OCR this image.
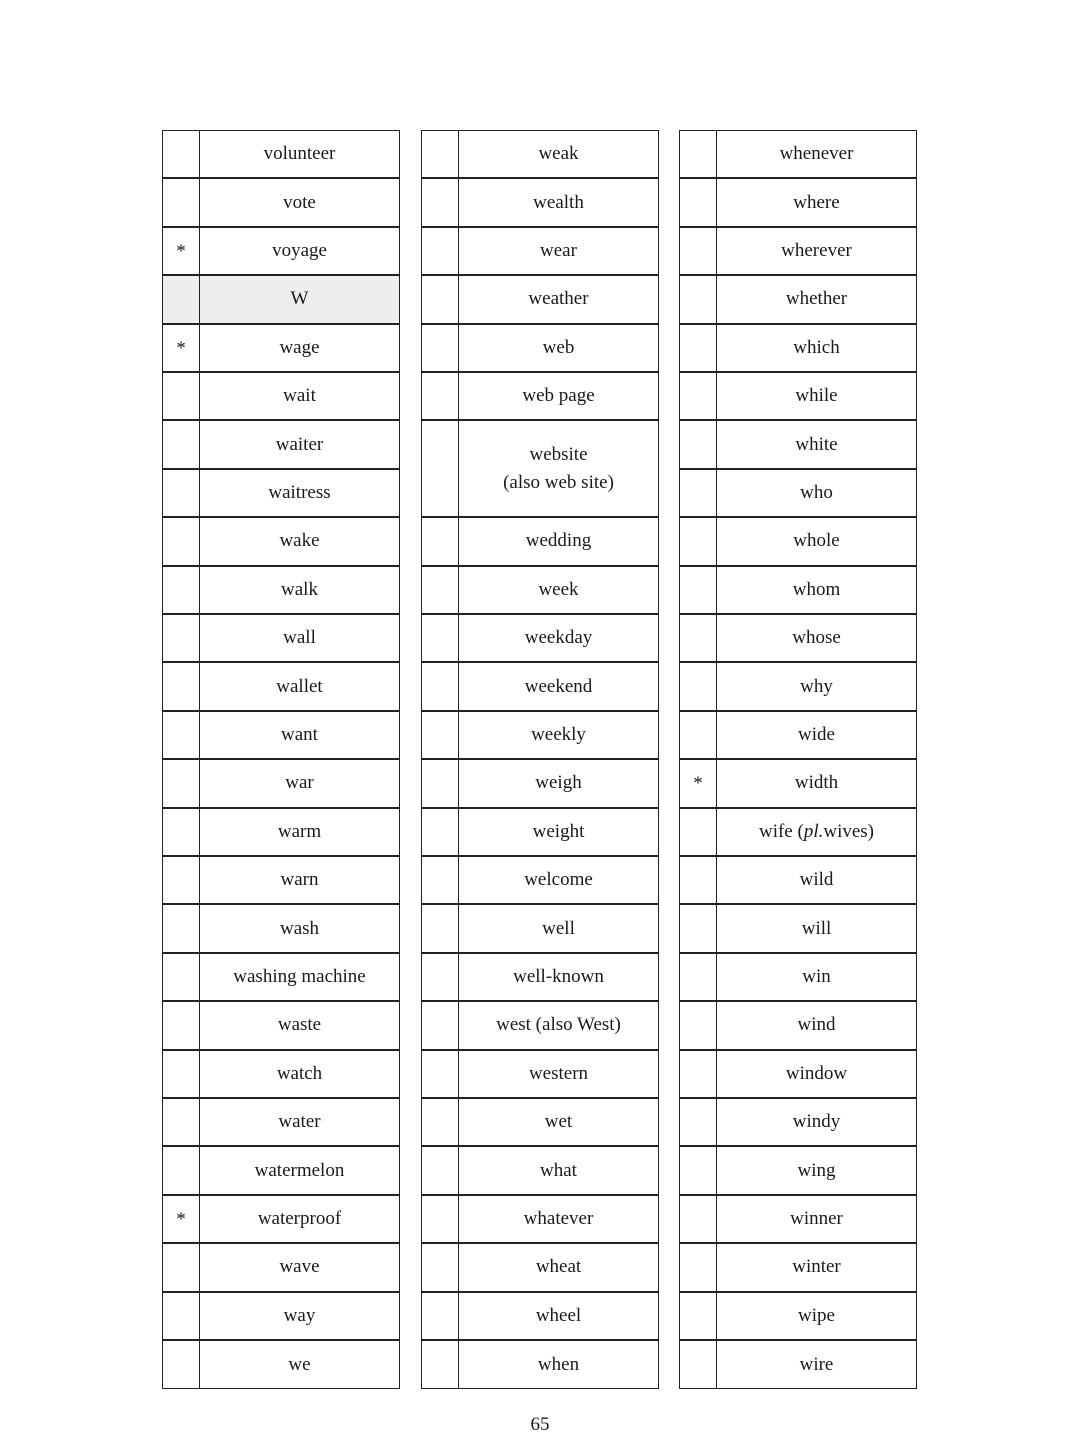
volunteer
vote
*	voyage
W
*	wage
wait
waiter
waitress
wake
walk
wall
wallet
want
war
warm
warn
wash
washing machine
waste
watch
water
watermelon
*	waterproof
wave
way
we
weak
wealth
wear
weather
web
web page
website
(also web site)
wedding
week
weekday
weekend
weekly
weigh
weight
welcome
well
well-known
west (also West)
western
wet
what
whatever
wheat
wheel
when
whenever
where
wherever
whether
which
while
white
who
whole
whom
whose
why
wide
*	width
wife ( pl. wives)
wild
will
win
wind
window
windy
wing
winner
winter
wipe
wire
65
